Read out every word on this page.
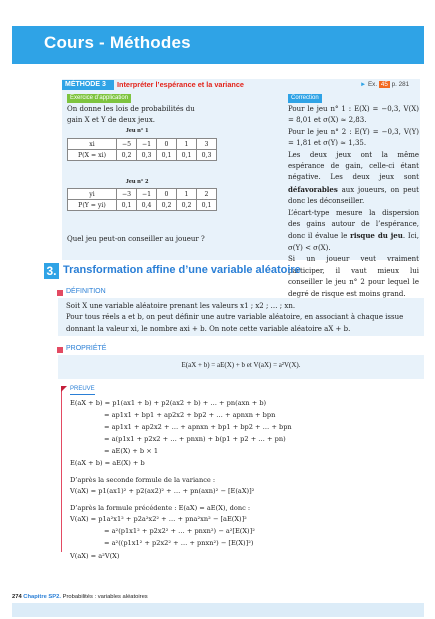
Cours - Méthodes
MÉTHODE 3	Interpréter l’espérance et la variance	► Ex. 45 p. 281
Exercice d’application	Correction
On donne les lois de probabilités du gain X et Y de deux jeux.
Jeu n° 1
xi	−5	−1	0	1	3
P(X = xi)	0,2	0,3	0,1	0,1	0,3
Jeu n° 2
yi	−3	−1	0	1	2
P(Y = yi)	0,1	0,4	0,2	0,2	0,1
Quel jeu peut-on conseiller au joueur ?
Pour le jeu n° 1 : E(X) = −0,3, V(X) = 8,01 et σ(X) ≈ 2,83.
Pour le jeu n° 2 : E(Y) = −0,3, V(Y) = 1,81 et σ(Y) ≈ 1,35.
Les deux jeux ont la même espérance de gain, celle-ci étant négative. Les deux jeux sont défavorables aux joueurs, on peut donc les déconseiller.
L’écart-type mesure la dispersion des gains autour de l’espérance, donc il évalue le risque du jeu. Ici, σ(Y) < σ(X).
Si un joueur veut vraiment participer, il vaut mieux lui conseiller le jeu n° 2 pour lequel le degré de risque est moins grand.
3. Transformation affine d’une variable aléatoire
DÉFINITION
Soit X une variable aléatoire prenant les valeurs x1 ; x2 ; … ; xn.
Pour tous réels a et b, on peut définir une autre variable aléatoire, en associant à chaque issue donnant la valeur xi, le nombre axi + b. On note cette variable aléatoire aX + b.
PROPRIÉTÉ
E(aX + b) = aE(X) + b et V(aX) = a²V(X).
PREUVE
E(aX + b) = p1(ax1 + b) + p2(ax2 + b) + … + pn(axn + b)
= ap1x1 + bp1 + ap2x2 + bp2 + … + apnxn + bpn
= ap1x1 + ap2x2 + … + apnxn + bp1 + bp2 + … + bpn
= a(p1x1 + p2x2 + … + pnxn) + b(p1 + p2 + … + pn)
= aE(X) + b × 1
E(aX + b) = aE(X) + b
D’après la seconde formule de la variance :
V(aX) = p1(ax1)² + p2(ax2)² + … + pn(axn)² − [E(aX)]²
D’après la formule précédente : E(aX) = aE(X), donc :
V(aX) = p1a²x1² + p2a²x2² + … + pna²xn² − [aE(X)]²
= a²(p1x1² + p2x2² + … + pnxn²) − a²[E(X)]²
= a²((p1x1² + p2x2² + … + pnxn²) − [E(X)]²)
V(aX) = a²V(X)
274 Chapitre SP2. Probabilités : variables aléatoires
